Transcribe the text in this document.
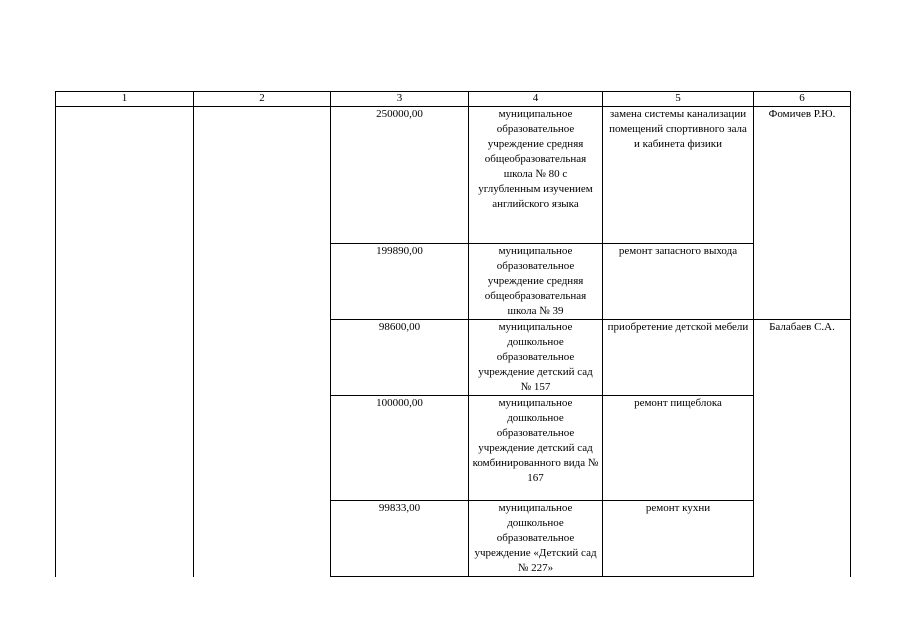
1	2	3	4	5	6
		250000,00	муниципальное образовательное учреждение средняя общеобразовательная школа № 80 с углубленным изучением английского языка	замена системы канализации помещений спортивного зала и кабинета физики	Фомичев Р.Ю.
		199890,00	муниципальное образовательное учреждение средняя общеобразовательная школа № 39	ремонт запасного выхода	
		98600,00	муниципальное дошкольное образовательное учреждение детский сад № 157	приобретение детской мебели	Балабаев С.А.
		100000,00	муниципальное дошкольное образовательное учреждение детский сад комбинированного вида № 167	ремонт пищеблока	
		99833,00	муниципальное дошкольное образовательное учреждение «Детский сад № 227»	ремонт кухни	
